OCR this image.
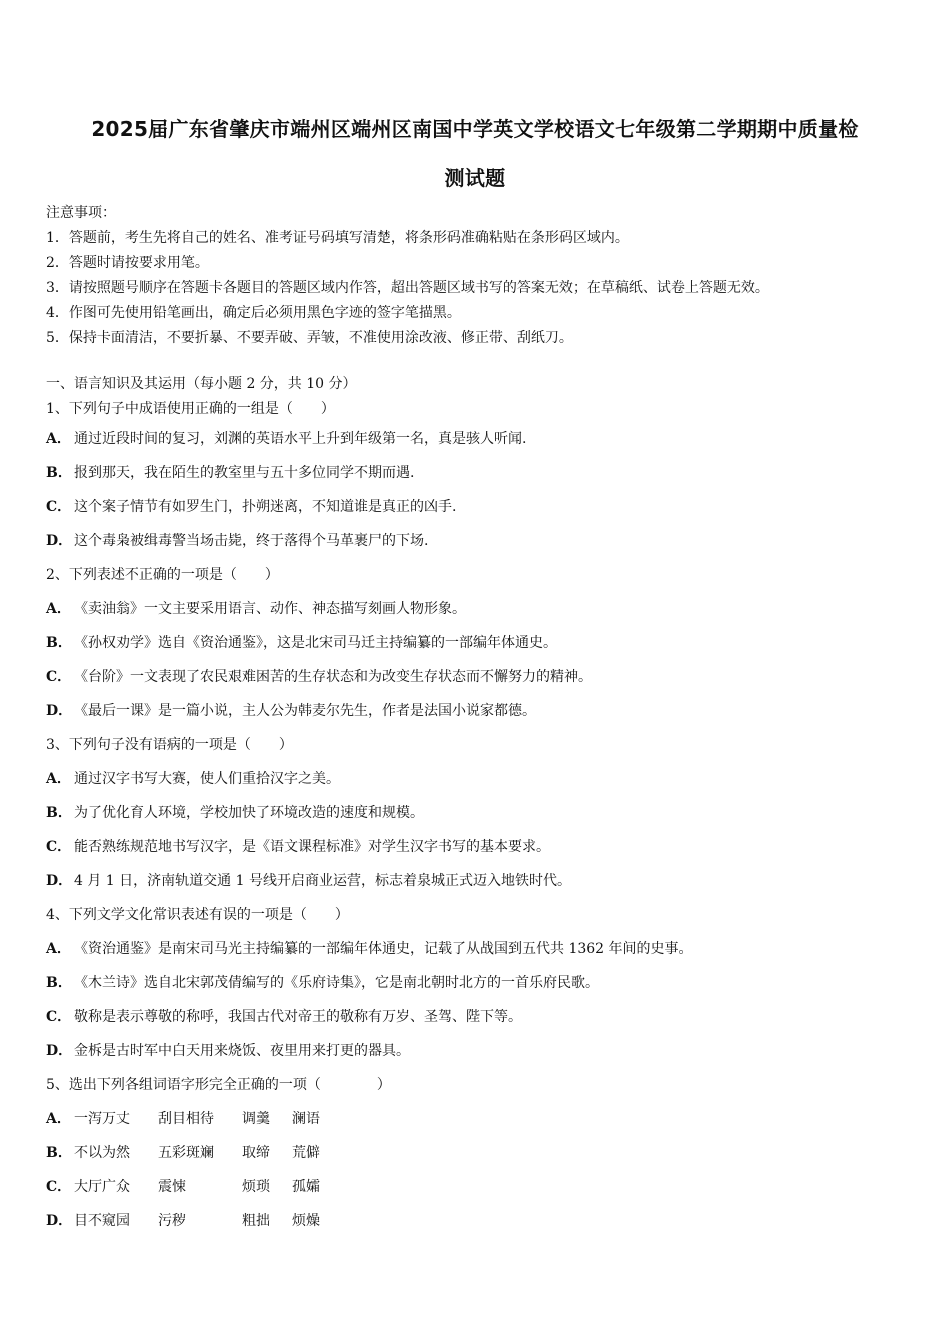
2025届广东省肇庆市端州区端州区南国中学英文学校语文七年级第二学期期中质量检
测试题
注意事项：
1．答题前，考生先将自己的姓名、准考证号码填写清楚，将条形码准确粘贴在条形码区域内。
2．答题时请按要求用笔。
3．请按照题号顺序在答题卡各题目的答题区域内作答，超出答题区域书写的答案无效；在草稿纸、试卷上答题无效。
4．作图可先使用铅笔画出，确定后必须用黑色字迹的签字笔描黑。
5．保持卡面清洁，不要折暴、不要弄破、弄皱，不准使用涂改液、修正带、刮纸刀。
一、语言知识及其运用（每小题 2 分，共 10 分）
1、下列句子中成语使用正确的一组是（　　）
A． 通过近段时间的复习，刘渊的英语水平上升到年级第一名，真是骇人听闻.
B． 报到那天，我在陌生的教室里与五十多位同学不期而遇.
C． 这个案子情节有如罗生门，扑朔迷离，不知道谁是真正的凶手.
D． 这个毒枭被缉毒警当场击毙，终于落得个马革裹尸的下场.
2、下列表述不正确的一项是（　　）
A． 《卖油翁》一文主要采用语言、动作、神态描写刻画人物形象。
B． 《孙权劝学》选自《资治通鉴》，这是北宋司马迁主持编纂的一部编年体通史。
C． 《台阶》一文表现了农民艰难困苦的生存状态和为改变生存状态而不懈努力的精神。
D． 《最后一课》是一篇小说，主人公为韩麦尔先生，作者是法国小说家都德。
3、下列句子没有语病的一项是（　　）
A． 通过汉字书写大赛，使人们重拾汉字之美。
B． 为了优化育人环境，学校加快了环境改造的速度和规模。
C． 能否熟练规范地书写汉字，是《语文课程标准》对学生汉字书写的基本要求。
D． 4 月 1 日，济南轨道交通 1 号线开启商业运营，标志着泉城正式迈入地铁时代。
4、下列文学文化常识表述有误的一项是（　　）
A． 《资治通鉴》是南宋司马光主持编纂的一部编年体通史，记载了从战国到五代共 1362 年间的史事。
B． 《木兰诗》选自北宋郭茂倩编写的《乐府诗集》，它是南北朝时北方的一首乐府民歌。
C． 敬称是表示尊敬的称呼，我国古代对帝王的敬称有万岁、圣驾、陛下等。
D． 金柝是古时军中白天用来烧饭、夜里用来打更的器具。
5、选出下列各组词语字形完全正确的一项（　　　　）
A． 一泻万丈 刮目相待 调羹 澜语
B． 不以为然 五彩斑斓 取缔 荒僻
C． 大厅广众 震悚	烦琐 孤孀
D． 目不窥园 污秽	粗拙 烦燥
